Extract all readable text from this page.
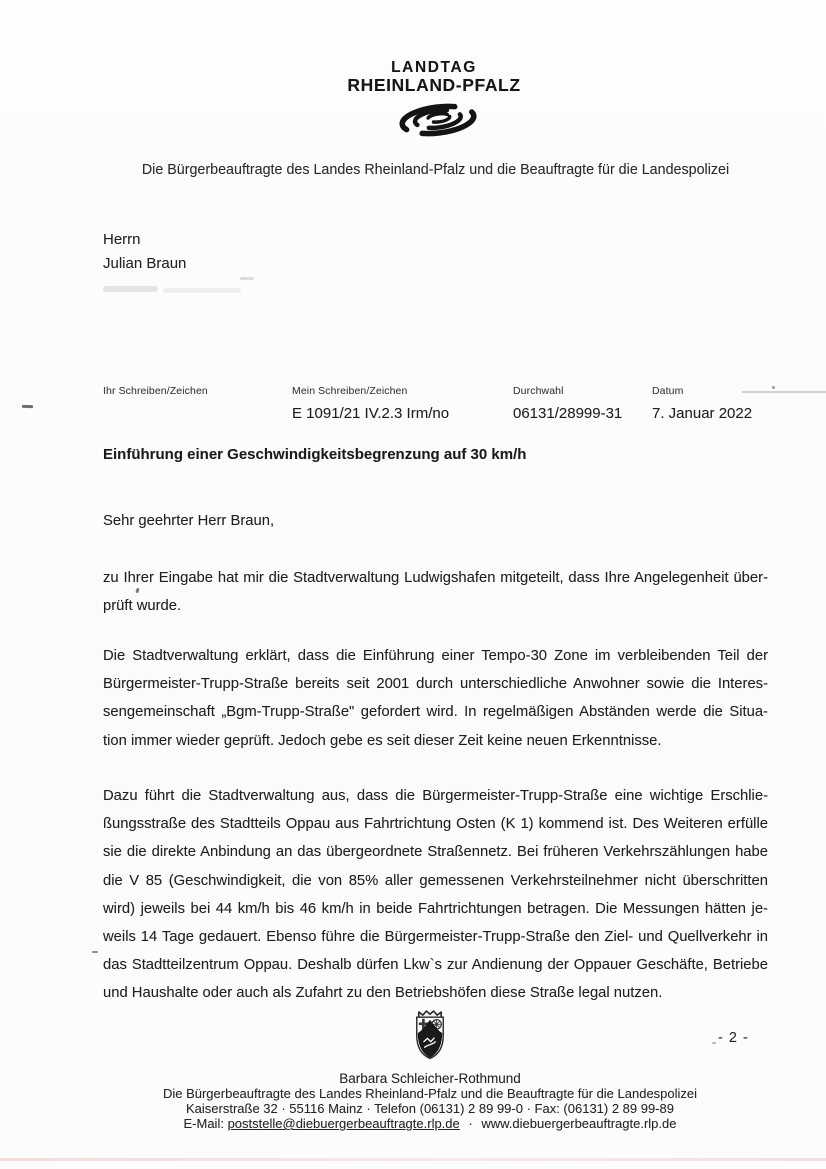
LANDTAG
RHEINLAND-PFALZ
Die Bürgerbeauftragte des Landes Rheinland-Pfalz und die Beauftragte für die Landespolizei
Herrn
Julian Braun
Ihr Schreiben/Zeichen	Mein Schreiben/Zeichen
E 1091/21 IV.2.3 Irm/no
Durchwahl
06131/28999-31
Datum
7. Januar 2022
Einführung einer Geschwindigkeitsbegrenzung auf 30 km/h
Sehr geehrter Herr Braun,
zu Ihrer Eingabe hat mir die Stadtverwaltung Ludwigshafen mitgeteilt, dass Ihre Angelegenheit über-
prüft wurde.
Die Stadtverwaltung erklärt, dass die Einführung einer Tempo-30 Zone im verbleibenden Teil der
Bürgermeister-Trupp-Straße bereits seit 2001 durch unterschiedliche Anwohner sowie die Interes-
sengemeinschaft „Bgm-Trupp-Straße" gefordert wird. In regelmäßigen Abständen werde die Situa-
tion immer wieder geprüft. Jedoch gebe es seit dieser Zeit keine neuen Erkenntnisse.
Dazu führt die Stadtverwaltung aus, dass die Bürgermeister-Trupp-Straße eine wichtige Erschlie-
ßungsstraße des Stadtteils Oppau aus Fahrtrichtung Osten (K 1) kommend ist. Des Weiteren erfülle
sie die direkte Anbindung an das übergeordnete Straßennetz. Bei früheren Verkehrszählungen habe
die V 85 (Geschwindigkeit, die von 85% aller gemessenen Verkehrsteilnehmer nicht überschritten
wird) jeweils bei 44 km/h bis 46 km/h in beide Fahrtrichtungen betragen. Die Messungen hätten je-
weils 14 Tage gedauert. Ebenso führe die Bürgermeister-Trupp-Straße den Ziel- und Quellverkehr in
das Stadtteilzentrum Oppau. Deshalb dürfen Lkw`s zur Andienung der Oppauer Geschäfte, Betriebe
und Haushalte oder auch als Zufahrt zu den Betriebshöfen diese Straße legal nutzen.
- 2 -
Barbara Schleicher-Rothmund
Die Bürgerbeauftragte des Landes Rheinland-Pfalz und die Beauftragte für die Landespolizei
Kaiserstraße 32 · 55116 Mainz · Telefon (06131) 2 89 99-0 · Fax: (06131) 2 89 99-89
E-Mail: poststelle@diebuergerbeauftragte.rlp.de · www.diebuergerbeauftragte.rlp.de
